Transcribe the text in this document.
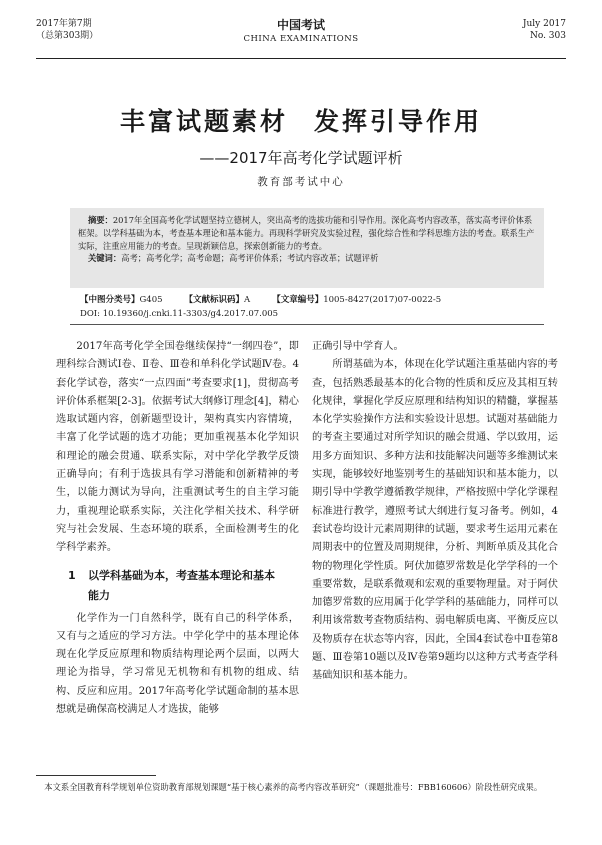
2017年第7期
（总第303期）
中国考试
CHINA EXAMINATIONS
July 2017
No. 303
丰富试题素材 发挥引导作用
——2017年高考化学试题评析
教育部考试中心

摘要：2017年全国高考化学试题坚持立德树人，突出高考的选拔功能和引导作用。深化高考内容改革，落实高考评价体系框架。以学科基础为本，考查基本理论和基本能力。再现科学研究及实验过程，强化综合性和学科思维方法的考查。联系生产实际，注重应用能力的考查。呈现新颖信息，探索创新能力的考查。

关键词：高考；高考化学；高考命题；高考评价体系；考试内容改革；试题评析

【中图分类号】G405	【文献标识码】A	【文章编号】1005-8427(2017)07-0022-5
DOI: 10.19360/j.cnki.11-3303/g4.2017.07.005

2017年高考化学全国卷继续保持“一纲四卷”，即理科综合测试Ⅰ卷、Ⅱ卷、Ⅲ卷和单科化学试题Ⅳ卷。4套化学试卷，落实“一点四面”考查要求[1]，贯彻高考评价体系框架[2-3]。依据考试大纲修订理念[4]，精心选取试题内容，创新题型设计，架构真实内容情境，丰富了化学试题的选才功能；更加重视基本化学知识和理论的融会贯通、联系实际，对中学化学教学反馈正确导向；有利于选拔具有学习潜能和创新精神的考生，以能力测试为导向，注重测试考生的自主学习能力，重视理论联系实际，关注化学相关技术、科学研究与社会发展、生态环境的联系，全面检测考生的化学科学素养。

1 以学科基础为本，考查基本理论和基本
能力

化学作为一门自然科学，既有自己的科学体系，又有与之适应的学习方法。中学化学中的基本理论体现在化学反应原理和物质结构理论两个层面，以两大理论为指导，学习常见无机物和有机物的组成、结构、反应和应用。2017年高考化学试题命制的基本思想就是确保高校满足人才选拔，能够

正确引导中学育人。

所谓基础为本，体现在化学试题注重基础内容的考查，包括熟悉最基本的化合物的性质和反应及其相互转化规律，掌握化学反应原理和结构知识的精髓，掌握基本化学实验操作方法和实验设计思想。试题对基础能力的考查主要通过对所学知识的融会贯通、学以致用，运用多方面知识、多种方法和技能解决问题等多维测试来实现，能够较好地鉴别考生的基础知识和基本能力，以期引导中学教学遵循教学规律，严格按照中学化学课程标准进行教学，遵照考试大纲进行复习备考。例如，4套试卷均设计元素周期律的试题，要求考生运用元素在周期表中的位置及周期规律，分析、判断单质及其化合物的物理化学性质。阿伏加德罗常数是化学学科的一个重要常数，是联系微观和宏观的重要物理量。对于阿伏加德罗常数的应用属于化学学科的基础能力，同样可以利用该常数考查物质结构、弱电解质电离、平衡反应以及物质存在状态等内容，因此，全国4套试卷中Ⅱ卷第8题、Ⅲ卷第10题以及Ⅳ卷第9题均以这种方式考查学科基础知识和基本能力。

本文系全国教育科学规划单位资助教育部规划课题“基于核心素养的高考内容改革研究”（课题批准号：FBB160606）阶段性研究成果。
